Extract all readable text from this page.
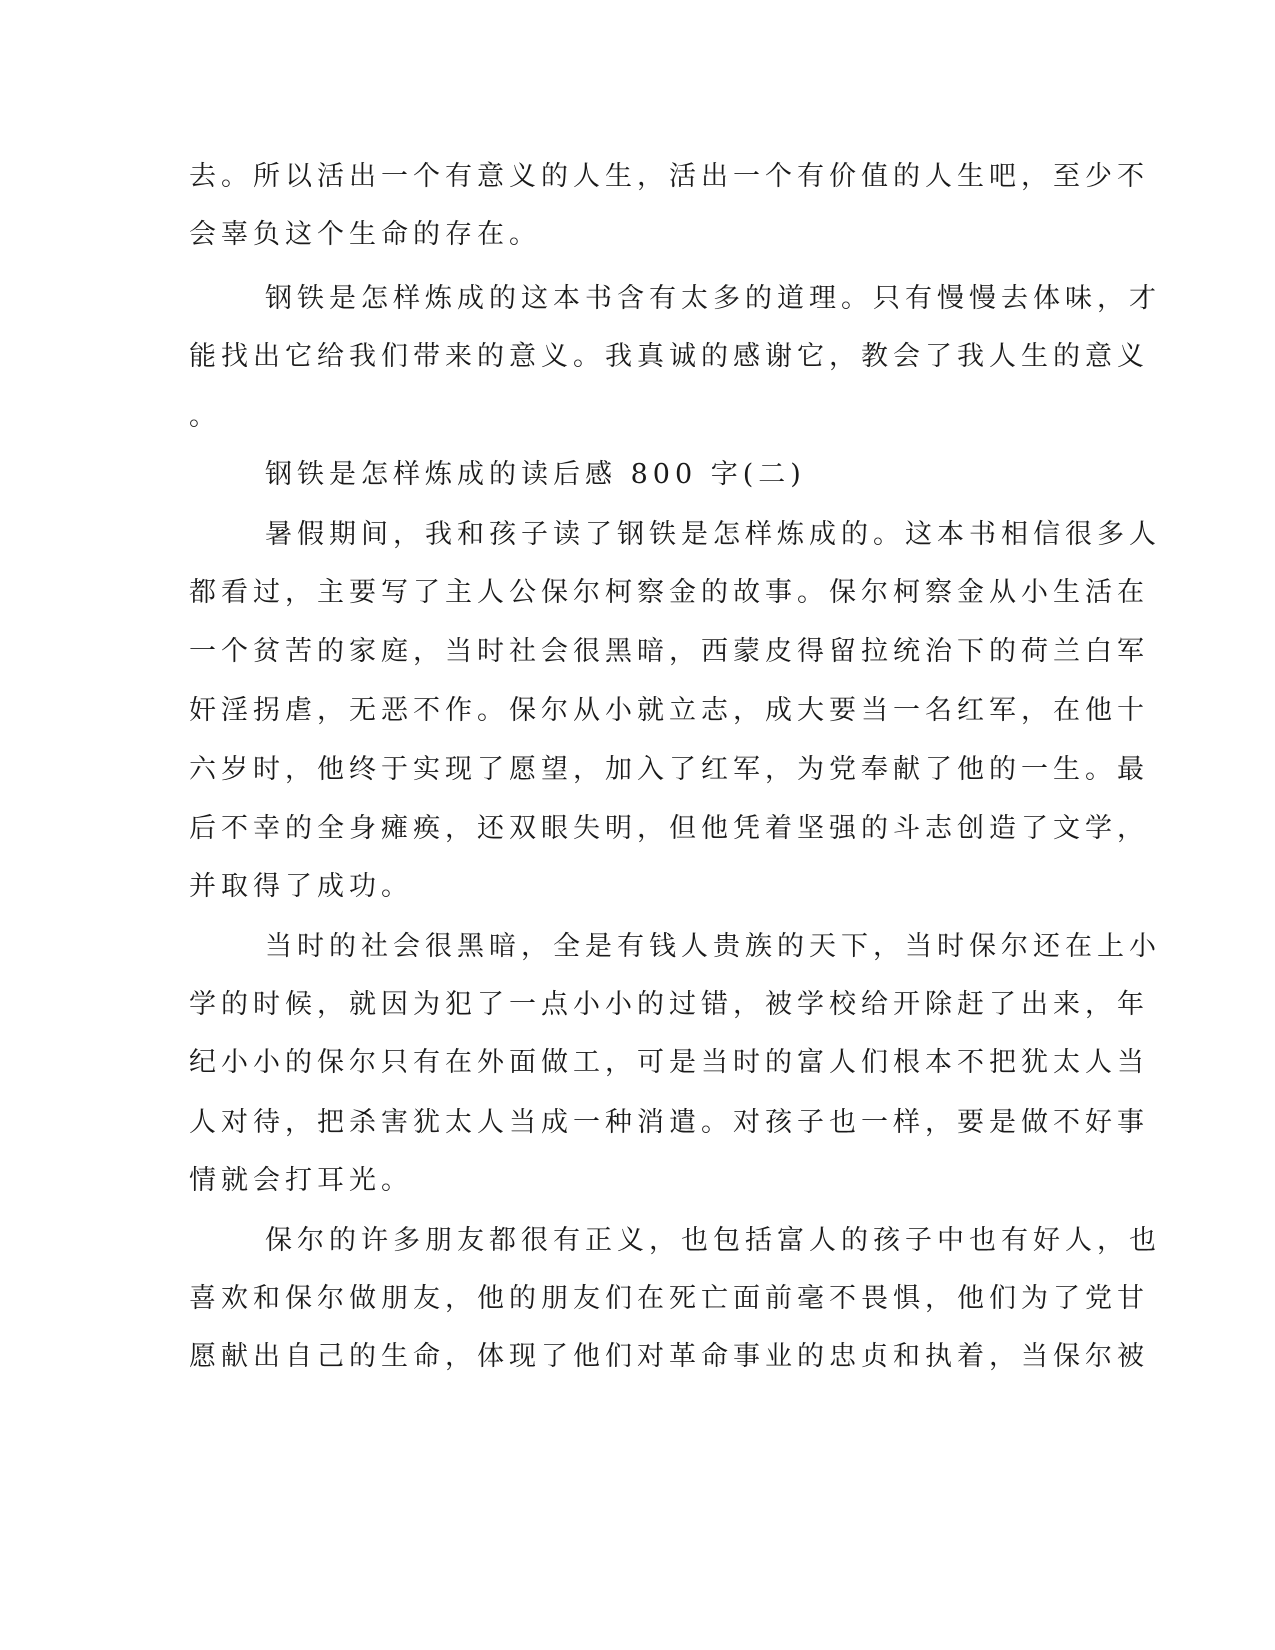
去。所以活出一个有意义的人生，活出一个有价值的人生吧，至少不
会辜负这个生命的存在。
钢铁是怎样炼成的这本书含有太多的道理。只有慢慢去体味，才
能找出它给我们带来的意义。我真诚的感谢它，教会了我人生的意义
。
钢铁是怎样炼成的读后感 800 字(二)
暑假期间，我和孩子读了钢铁是怎样炼成的。这本书相信很多人
都看过，主要写了主人公保尔柯察金的故事。保尔柯察金从小生活在
一个贫苦的家庭，当时社会很黑暗，西蒙皮得留拉统治下的荷兰白军
奸淫拐虐，无恶不作。保尔从小就立志，成大要当一名红军，在他十
六岁时，他终于实现了愿望，加入了红军，为党奉献了他的一生。最
后不幸的全身瘫痪，还双眼失明，但他凭着坚强的斗志创造了文学，
并取得了成功。
当时的社会很黑暗，全是有钱人贵族的天下，当时保尔还在上小
学的时候，就因为犯了一点小小的过错，被学校给开除赶了出来，年
纪小小的保尔只有在外面做工，可是当时的富人们根本不把犹太人当
人对待，把杀害犹太人当成一种消遣。对孩子也一样，要是做不好事
情就会打耳光。
保尔的许多朋友都很有正义，也包括富人的孩子中也有好人，也
喜欢和保尔做朋友，他的朋友们在死亡面前毫不畏惧，他们为了党甘
愿献出自己的生命，体现了他们对革命事业的忠贞和执着，当保尔被
